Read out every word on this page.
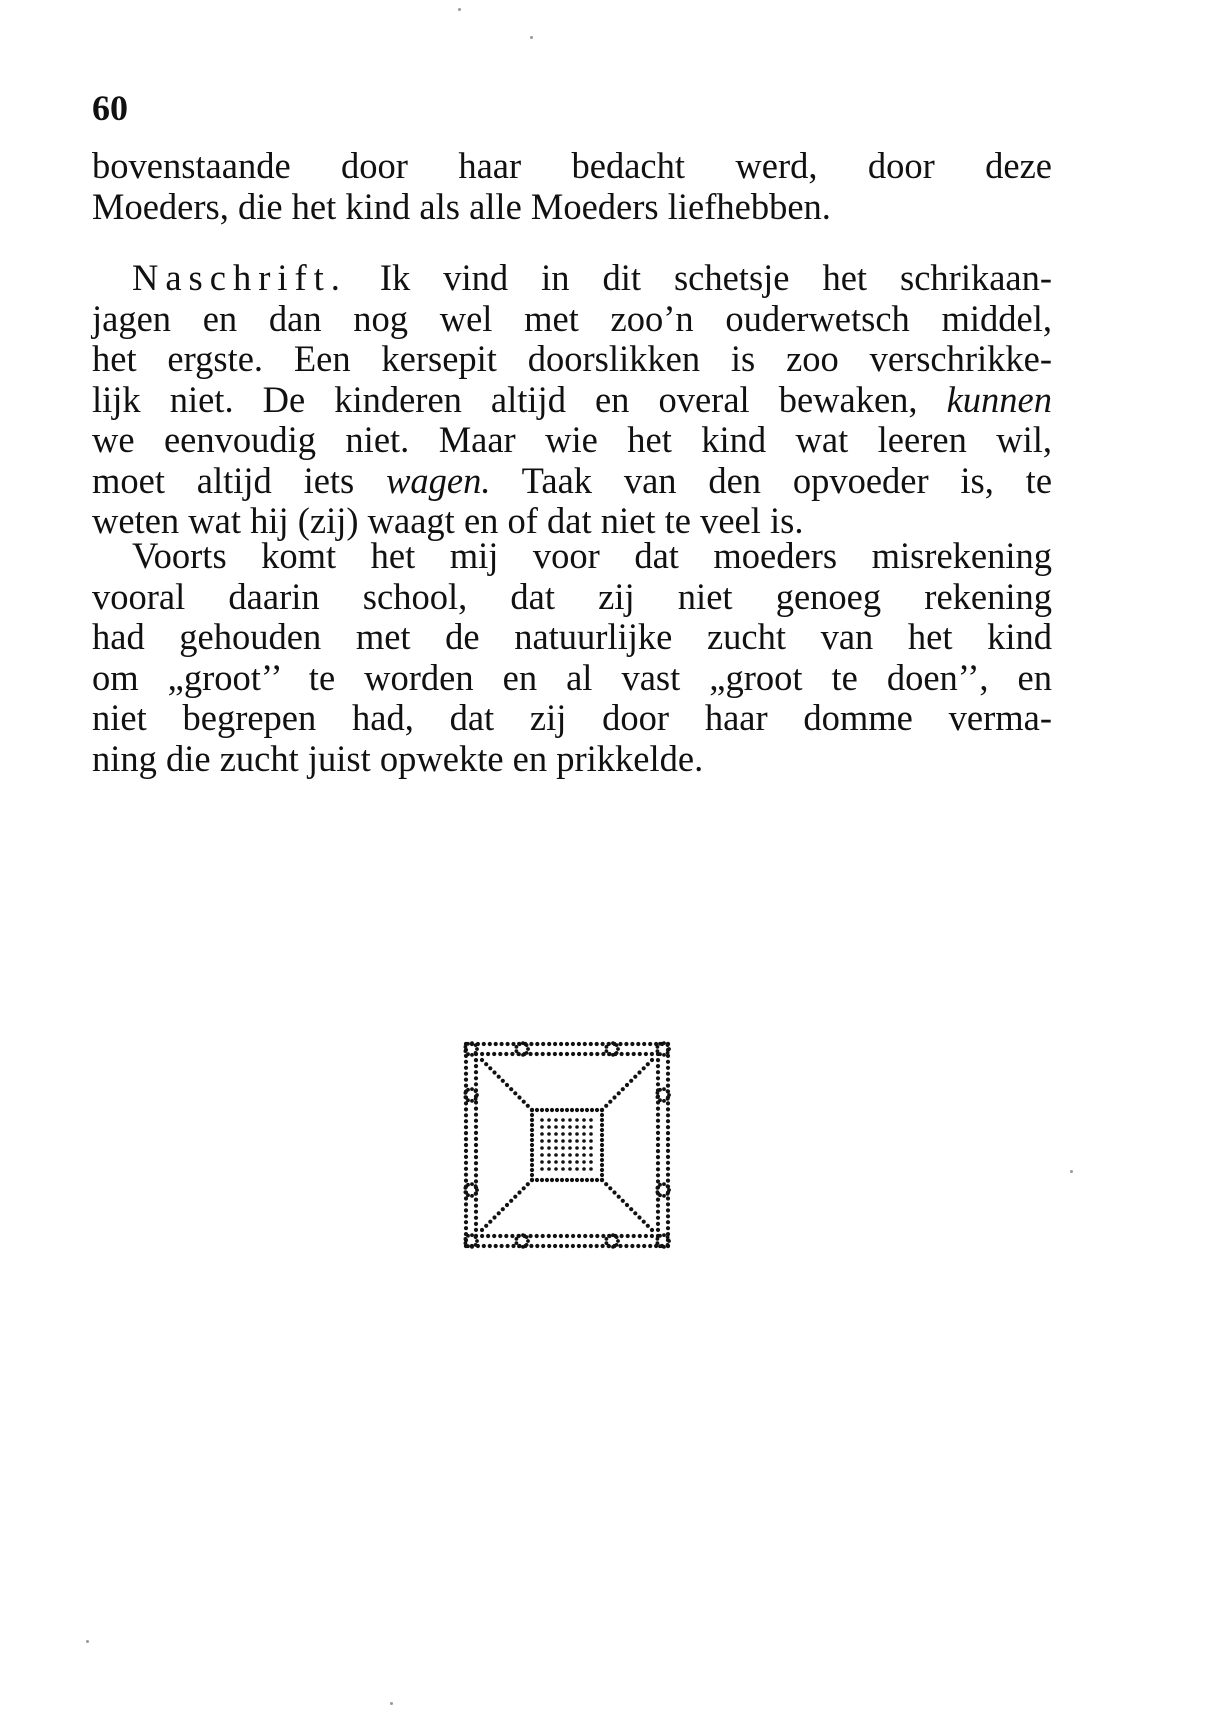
60
bovenstaande door haar bedacht werd, door deze
Moeders, die het kind als alle Moeders liefhebben.
Naschrift. Ik vind in dit schetsje het schrikaan-
jagen en dan nog wel met zoo’n ouderwetsch middel,
het ergste. Een kersepit doorslikken is zoo verschrikke-
lijk niet. De kinderen altijd en overal bewaken, kunnen
we eenvoudig niet. Maar wie het kind wat leeren wil,
moet altijd iets wagen. Taak van den opvoeder is, te
weten wat hij (zij) waagt en of dat niet te veel is.
Voorts komt het mij voor dat moeders misrekening
vooral daarin school, dat zij niet genoeg rekening
had gehouden met de natuurlijke zucht van het kind
om „groot’’ te worden en al vast „groot te doen’’, en
niet begrepen had, dat zij door haar domme verma-
ning die zucht juist opwekte en prikkelde.
